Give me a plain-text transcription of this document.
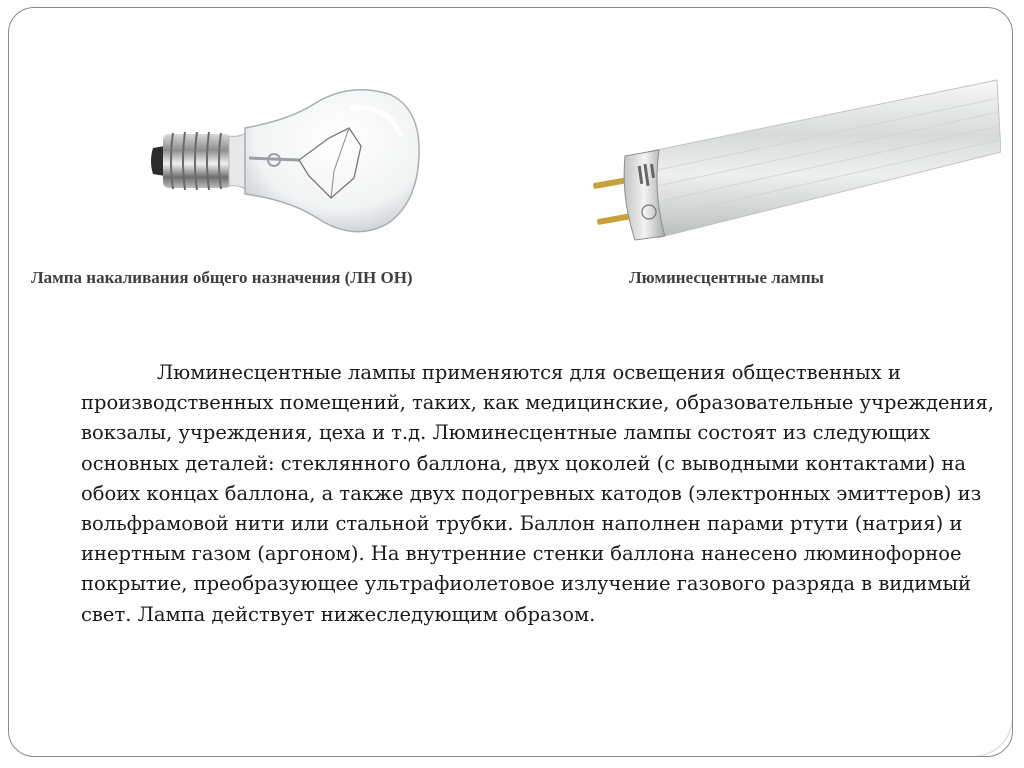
Лампа накаливания общего назначения (ЛН ОН)	Люминесцентные лампы
Люминесцентные лампы применяются для освещения общественных и производственных помещений, таких, как медицинские, образовательные учреждения, вокзалы, учреждения, цеха и т.д. Люминесцентные лампы состоят из следующих основных деталей: стеклянного баллона, двух цоколей (с выводными контактами) на обоих концах баллона, а также двух подогревных катодов (электронных эмиттеров) из вольфрамовой нити или стальной трубки. Баллон наполнен парами ртути (натрия) и инертным газом (аргоном). На внутренние стенки баллона нанесено люминофорное покрытие, преобразующее ультрафиолетовое излучение газового разряда в видимый свет. Лампа действует нижеследующим образом.
